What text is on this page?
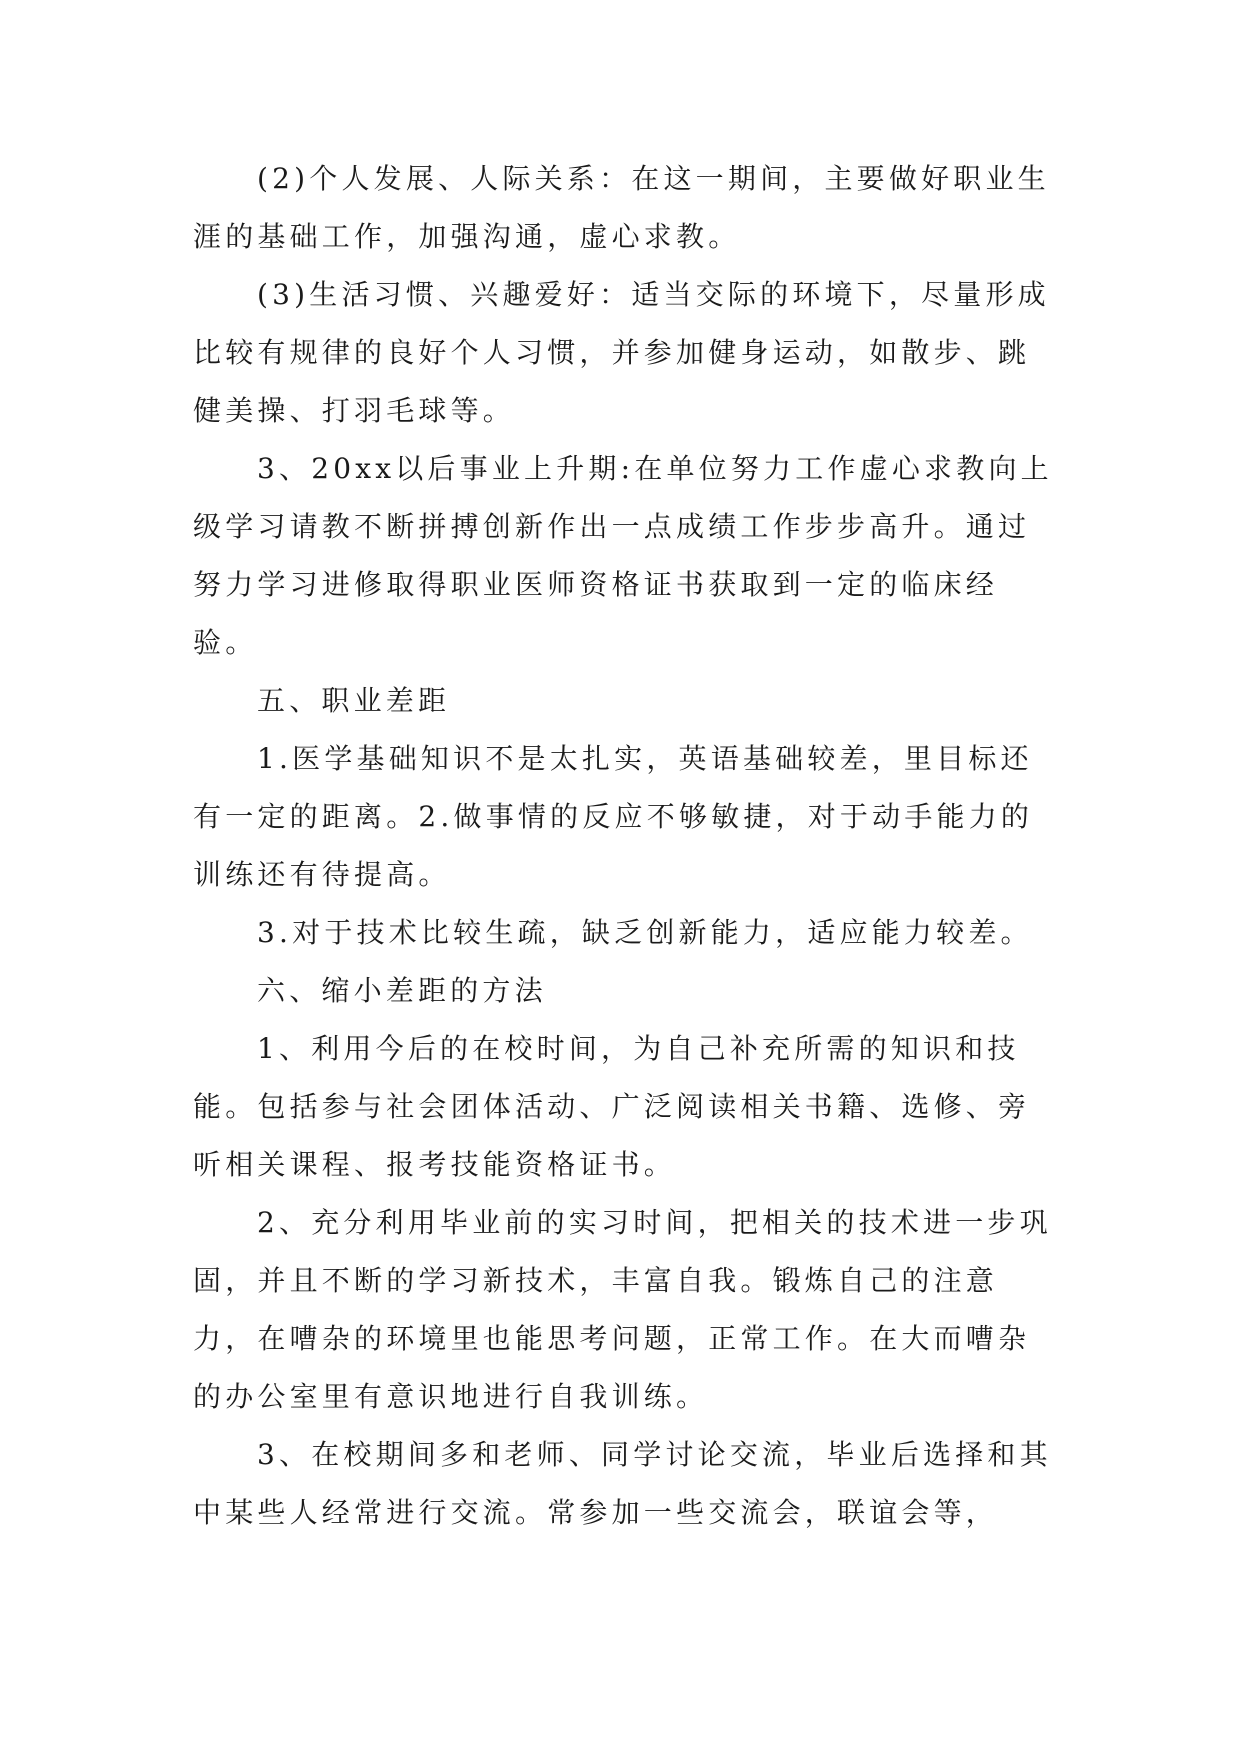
(2)个人发展、人际关系：在这一期间，主要做好职业生涯的基础工作，加强沟通，虚心求教。

(3)生活习惯、兴趣爱好：适当交际的环境下，尽量形成比较有规律的良好个人习惯，并参加健身运动，如散步、跳健美操、打羽毛球等。

3、20xx以后事业上升期:在单位努力工作虚心求教向上级学习请教不断拼搏创新作出一点成绩工作步步高升。通过努力学习进修取得职业医师资格证书获取到一定的临床经验。

五、职业差距

1.医学基础知识不是太扎实，英语基础较差，里目标还有一定的距离。2.做事情的反应不够敏捷，对于动手能力的训练还有待提高。

3.对于技术比较生疏，缺乏创新能力，适应能力较差。

六、缩小差距的方法

1、利用今后的在校时间，为自己补充所需的知识和技能。包括参与社会团体活动、广泛阅读相关书籍、选修、旁听相关课程、报考技能资格证书。

2、充分利用毕业前的实习时间，把相关的技术进一步巩固，并且不断的学习新技术，丰富自我。锻炼自己的注意力，在嘈杂的环境里也能思考问题，正常工作。在大而嘈杂的办公室里有意识地进行自我训练。

3、在校期间多和老师、同学讨论交流，毕业后选择和其中某些人经常进行交流。常参加一些交流会，联谊会等，
